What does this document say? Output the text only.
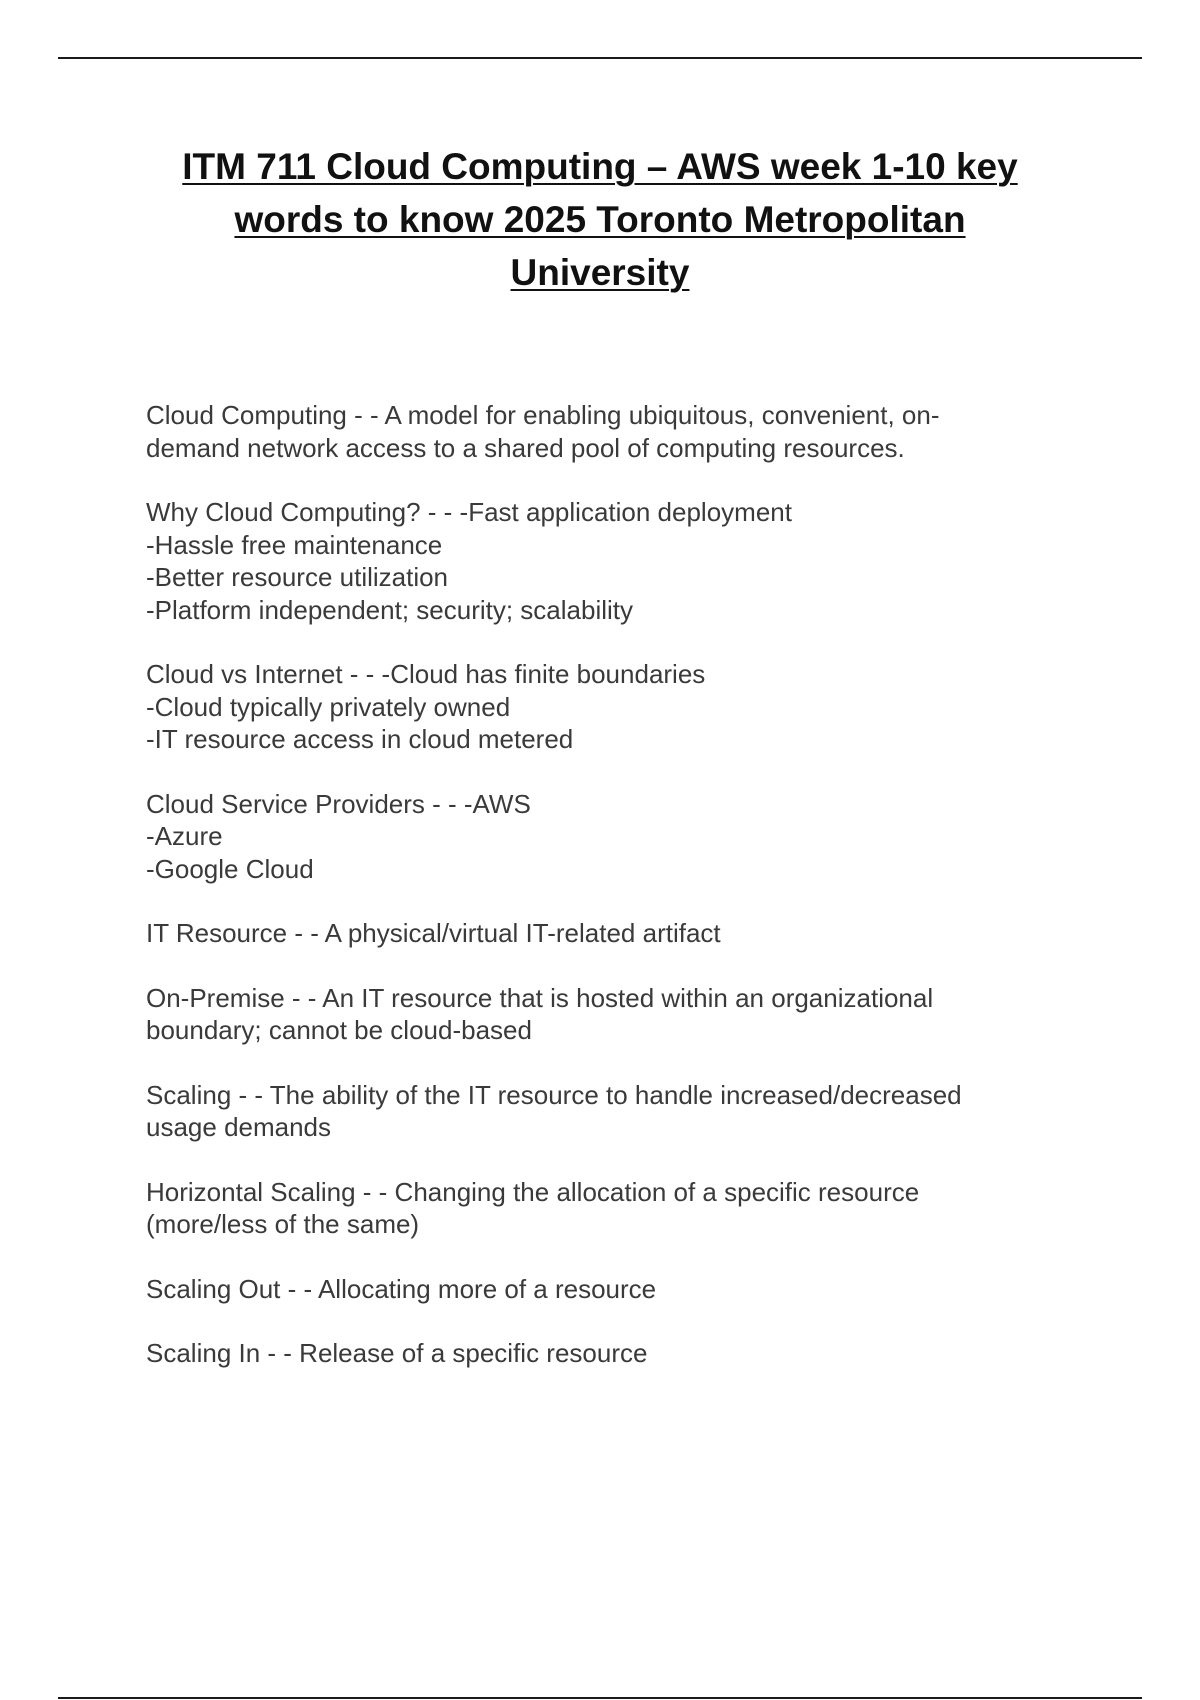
ITM 711 Cloud Computing – AWS week 1-10 key
words to know 2025 Toronto Metropolitan
University
Cloud Computing - - A model for enabling ubiquitous, convenient, on-
demand network access to a shared pool of computing resources.
Why Cloud Computing? - - -Fast application deployment
-Hassle free maintenance
-Better resource utilization
-Platform independent; security; scalability
Cloud vs Internet - - -Cloud has finite boundaries
-Cloud typically privately owned
-IT resource access in cloud metered
Cloud Service Providers - - -AWS
-Azure
-Google Cloud
IT Resource - - A physical/virtual IT-related artifact
On-Premise - - An IT resource that is hosted within an organizational
boundary; cannot be cloud-based
Scaling - - The ability of the IT resource to handle increased/decreased
usage demands
Horizontal Scaling - - Changing the allocation of a specific resource
(more/less of the same)
Scaling Out - - Allocating more of a resource
Scaling In - - Release of a specific resource
